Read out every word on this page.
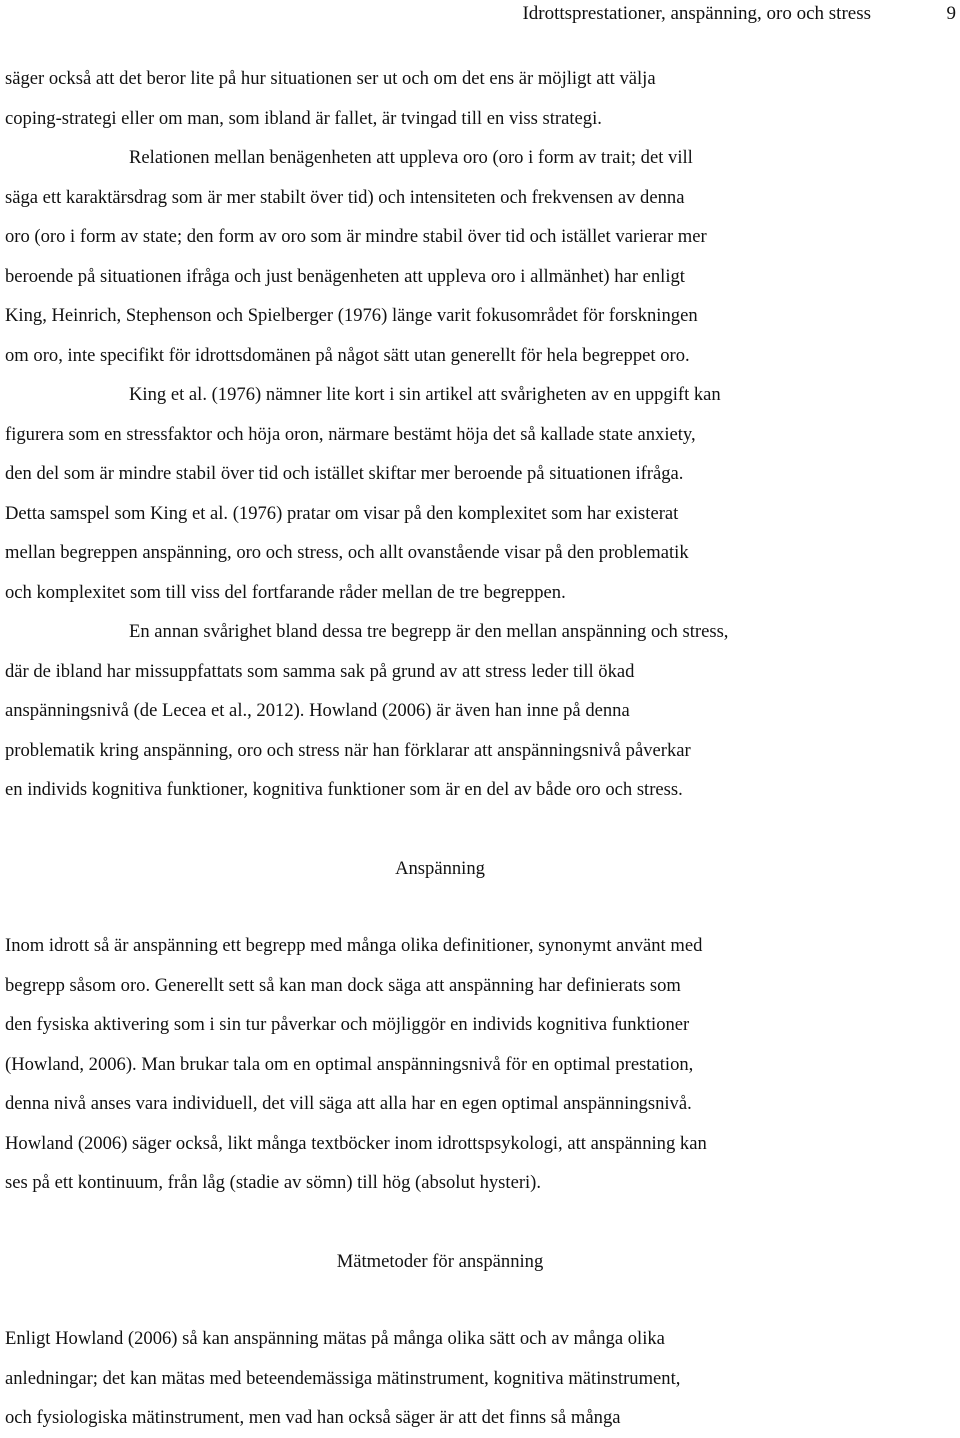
Idrottsprestationer, anspänning, oro och stress	9
säger också att det beror lite på hur situationen ser ut och om det ens är möjligt att välja
coping-strategi eller om man, som ibland är fallet, är tvingad till en viss strategi.
Relationen mellan benägenheten att uppleva oro (oro i form av trait; det vill
säga ett karaktärsdrag som är mer stabilt över tid) och intensiteten och frekvensen av denna
oro (oro i form av state; den form av oro som är mindre stabil över tid och istället varierar mer
beroende på situationen ifråga och just benägenheten att uppleva oro i allmänhet) har enligt
King, Heinrich, Stephenson och Spielberger (1976) länge varit fokusområdet för forskningen
om oro, inte specifikt för idrottsdomänen på något sätt utan generellt för hela begreppet oro.
King et al. (1976) nämner lite kort i sin artikel att svårigheten av en uppgift kan
figurera som en stressfaktor och höja oron, närmare bestämt höja det så kallade state anxiety,
den del som är mindre stabil över tid och istället skiftar mer beroende på situationen ifråga.
Detta samspel som King et al. (1976) pratar om visar på den komplexitet som har existerat
mellan begreppen anspänning, oro och stress, och allt ovanstående visar på den problematik
och komplexitet som till viss del fortfarande råder mellan de tre begreppen.
En annan svårighet bland dessa tre begrepp är den mellan anspänning och stress,
där de ibland har missuppfattats som samma sak på grund av att stress leder till ökad
anspänningsnivå (de Lecea et al., 2012). Howland (2006) är även han inne på denna
problematik kring anspänning, oro och stress när han förklarar att anspänningsnivå påverkar
en individs kognitiva funktioner, kognitiva funktioner som är en del av både oro och stress.
Anspänning
Inom idrott så är anspänning ett begrepp med många olika definitioner, synonymt använt med
begrepp såsom oro. Generellt sett så kan man dock säga att anspänning har definierats som
den fysiska aktivering som i sin tur påverkar och möjliggör en individs kognitiva funktioner
(Howland, 2006). Man brukar tala om en optimal anspänningsnivå för en optimal prestation,
denna nivå anses vara individuell, det vill säga att alla har en egen optimal anspänningsnivå.
Howland (2006) säger också, likt många textböcker inom idrottspsykologi, att anspänning kan
ses på ett kontinuum, från låg (stadie av sömn) till hög (absolut hysteri).
Mätmetoder för anspänning
Enligt Howland (2006) så kan anspänning mätas på många olika sätt och av många olika
anledningar; det kan mätas med beteendemässiga mätinstrument, kognitiva mätinstrument,
och fysiologiska mätinstrument, men vad han också säger är att det finns så många
